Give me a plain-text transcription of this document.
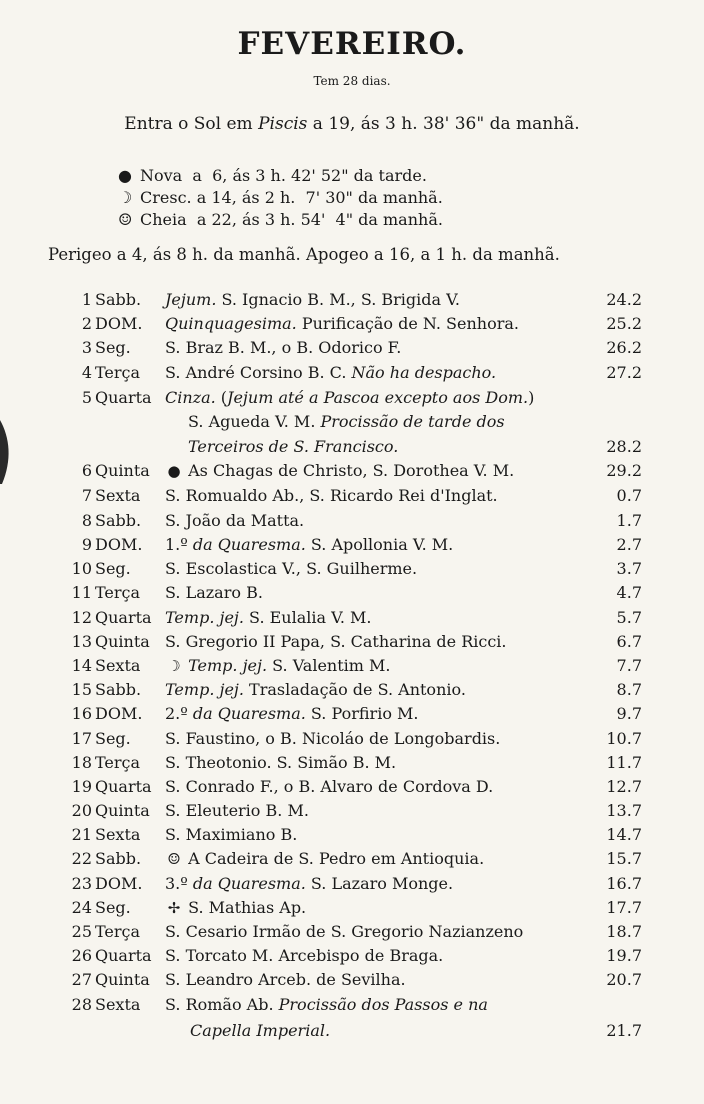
FEVEREIRO.
Tem 28 dias.
Entra o Sol em Piscis a 19, ás 3 h. 38' 36" da manhã.
● Nova  a  6, ás 3 h. 42' 52" da tarde.
☽ Cresc. a 14, ás 2 h.  7' 30" da manhã.
☺ Cheia  a 22, ás 3 h. 54'  4" da manhã.
Perigeo a 4, ás 8 h. da manhã. Apogeo a 16, a 1 h. da manhã.
1 Sabb. Jejum. S. Ignacio B. M., S. Brigida V.	24.2
2 DOM. Quinquagesima. Purificação de N. Senhora.	25.2
3 Seg. S. Braz B. M., o B. Odorico F.	26.2
4 Terça S. André Corsino B. C. Não ha despacho.	27.2
5 Quarta Cinza. (Jejum até a Pascoa excepto aos Dom.)
6 Quinta ● As Chagas de Christo, S. Dorothea V. M.	29.2
7 Sexta S. Romualdo Ab., S. Ricardo Rei d'Inglat.	0.7
8 Sabb. S. João da Matta.	1.7
9 DOM. 1.º da Quaresma. S. Apollonia V. M.	2.7
10 Seg. S. Escolastica V., S. Guilherme.	3.7
11 Terça S. Lazaro B.	4.7
12 Quarta Temp. jej. S. Eulalia V. M.	5.7
13 Quinta S. Gregorio II Papa, S. Catharina de Ricci.	6.7
14 Sexta ☽ Temp. jej. S. Valentim M.	7.7
15 Sabb. Temp. jej. Trasladação de S. Antonio.	8.7
16 DOM. 2.º da Quaresma. S. Porfirio M.	9.7
17 Seg. S. Faustino, o B. Nicoláo de Longobardis.	10.7
18 Terça S. Theotonio. S. Simão B. M.	11.7
19 Quarta S. Conrado F., o B. Alvaro de Cordova D.	12.7
20 Quinta S. Eleuterio B. M.	13.7
21 Sexta S. Maximiano B.	14.7
22 Sabb. ☺ A Cadeira de S. Pedro em Antioquia.	15.7
23 DOM. 3.º da Quaresma. S. Lazaro Monge.	16.7
24 Seg. ✢ S. Mathias Ap.	17.7
25 Terça S. Cesario Irmão de S. Gregorio Nazianzeno	18.7
26 Quarta S. Torcato M. Arcebispo de Braga.	19.7
27 Quinta S. Leandro Arceb. de Sevilha.	20.7
28 Sexta S. Romão Ab. Procissão dos Passos e na
S. Agueda V. M. Procissão de tarde dos
Terceiros de S. Francisco.	28.2
Capella Imperial.	21.7
